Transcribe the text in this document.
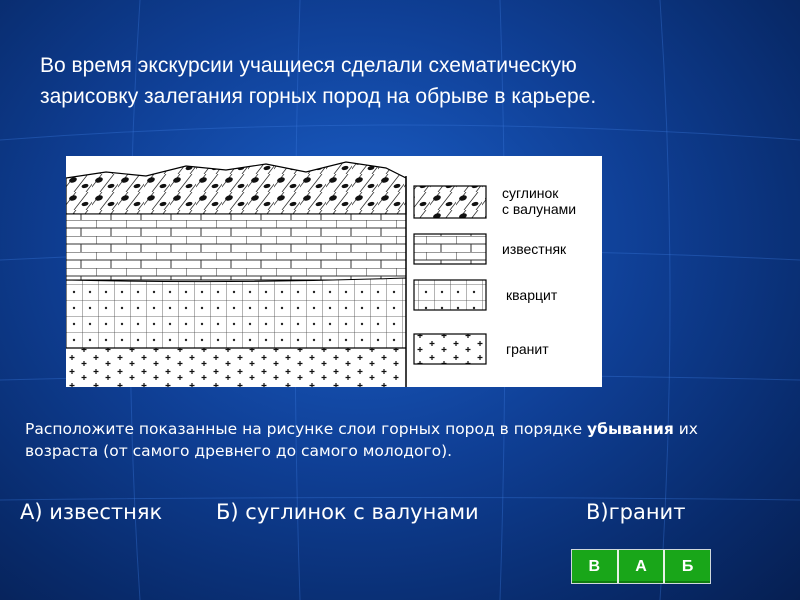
Во время экскурсии учащиеся сделали схематическую
зарисовку залегания горных пород на обрыве в карьере.
суглинок
с валунами
известняк
кварцит
гранит
Расположите показанные на рисунке слои горных пород в порядке убывания их возраста (от самого древнего до самого молодого).
А) известняк	Б) суглинок с валунами	В)гранит
В	А	Б
